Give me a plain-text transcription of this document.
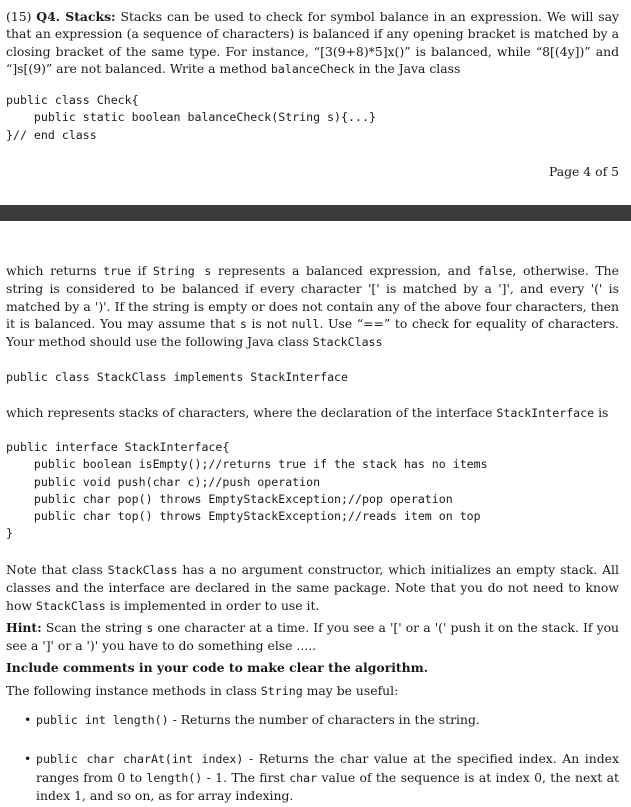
(15) Q4. Stacks: Stacks can be used to check for symbol balance in an expression. We will say that an expression (a sequence of characters) is balanced if any opening bracket is matched by a closing bracket of the same type. For instance, “[3(9+8)*5]x()” is balanced, while “8[(4y])” and “]s[(9)” are not balanced. Write a method balanceCheck in the Java class

public class Check{
public static boolean balanceCheck(String s){...}
}// end class
Page 4 of 5

which returns true if String s represents a balanced expression, and false, otherwise. The string is considered to be balanced if every character '[' is matched by a ']', and every '(' is matched by a ')'. If the string is empty or does not contain any of the above four characters, then it is balanced. You may assume that s is not null. Use “==” to check for equality of characters. Your method should use the following Java class StackClass

public class StackClass implements StackInterface

which represents stacks of characters, where the declaration of the interface StackInterface is

public interface StackInterface{
public boolean isEmpty();//returns true if the stack has no items
public void push(char c);//push operation
public char pop() throws EmptyStackException;//pop operation
public char top() throws EmptyStackException;//reads item on top
}

Note that class StackClass has a no argument constructor, which initializes an empty stack. All classes and the interface are declared in the same package. Note that you do not need to know how StackClass is implemented in order to use it.

Hint: Scan the string s one character at a time. If you see a '[' or a '(' push it on the stack. If you see a ']' or a ')' you have to do something else .....

Include comments in your code to make clear the algorithm.

The following instance methods in class String may be useful:

• public int length() - Returns the number of characters in the string.
• public char charAt(int index) - Returns the char value at the specified index. An index ranges from 0 to length() - 1. The first char value of the sequence is at index 0, the next at index 1, and so on, as for array indexing.
